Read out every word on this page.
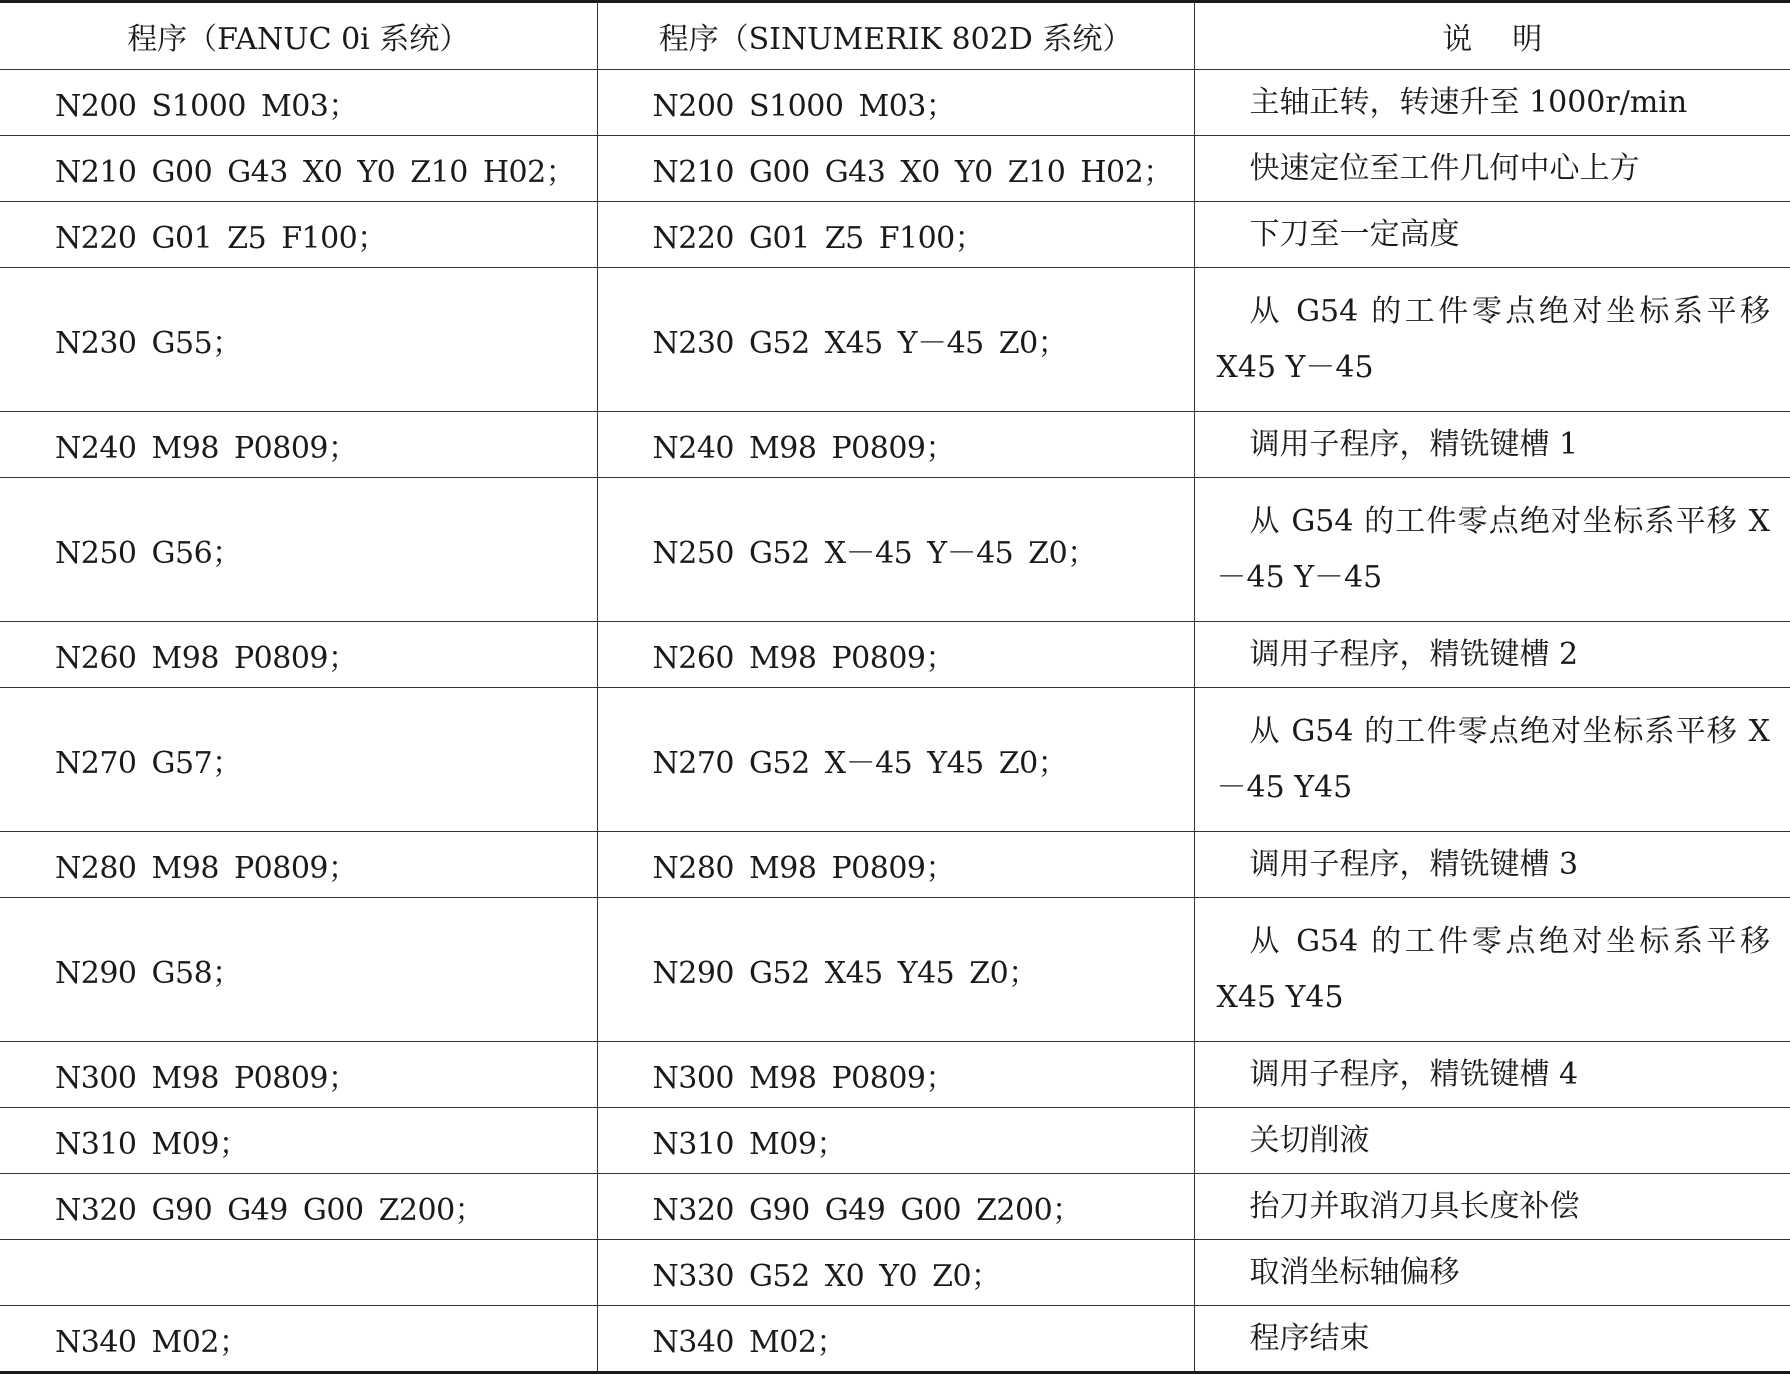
程序（FANUC 0i 系统）	程序（SINUMERIK 802D 系统）	说明
N200 S1000 M03；	N200 S1000 M03；	主轴正转，转速升至 1000r/min
N210 G00 G43 X0 Y0 Z10 H02；	N210 G00 G43 X0 Y0 Z10 H02；	快速定位至工件几何中心上方
N220 G01 Z5 F100；	N220 G01 Z5 F100；	下刀至一定高度
N230 G55；	N230 G52 X45 Y－45 Z0；	从 G54 的工件零点绝对坐标系平移 X45 Y－45
N240 M98 P0809；	N240 M98 P0809；	调用子程序，精铣键槽 1
N250 G56；	N250 G52 X－45 Y－45 Z0；	从 G54 的工件零点绝对坐标系平移 X－45 Y－45
N260 M98 P0809；	N260 M98 P0809；	调用子程序，精铣键槽 2
N270 G57；	N270 G52 X－45 Y45 Z0；	从 G54 的工件零点绝对坐标系平移 X－45 Y45
N280 M98 P0809；	N280 M98 P0809；	调用子程序，精铣键槽 3
N290 G58；	N290 G52 X45 Y45 Z0；	从 G54 的工件零点绝对坐标系平移 X45 Y45
N300 M98 P0809；	N300 M98 P0809；	调用子程序，精铣键槽 4
N310 M09；	N310 M09；	关切削液
N320 G90 G49 G00 Z200；	N320 G90 G49 G00 Z200；	抬刀并取消刀具长度补偿
	N330 G52 X0 Y0 Z0；	取消坐标轴偏移
N340 M02；	N340 M02；	程序结束
